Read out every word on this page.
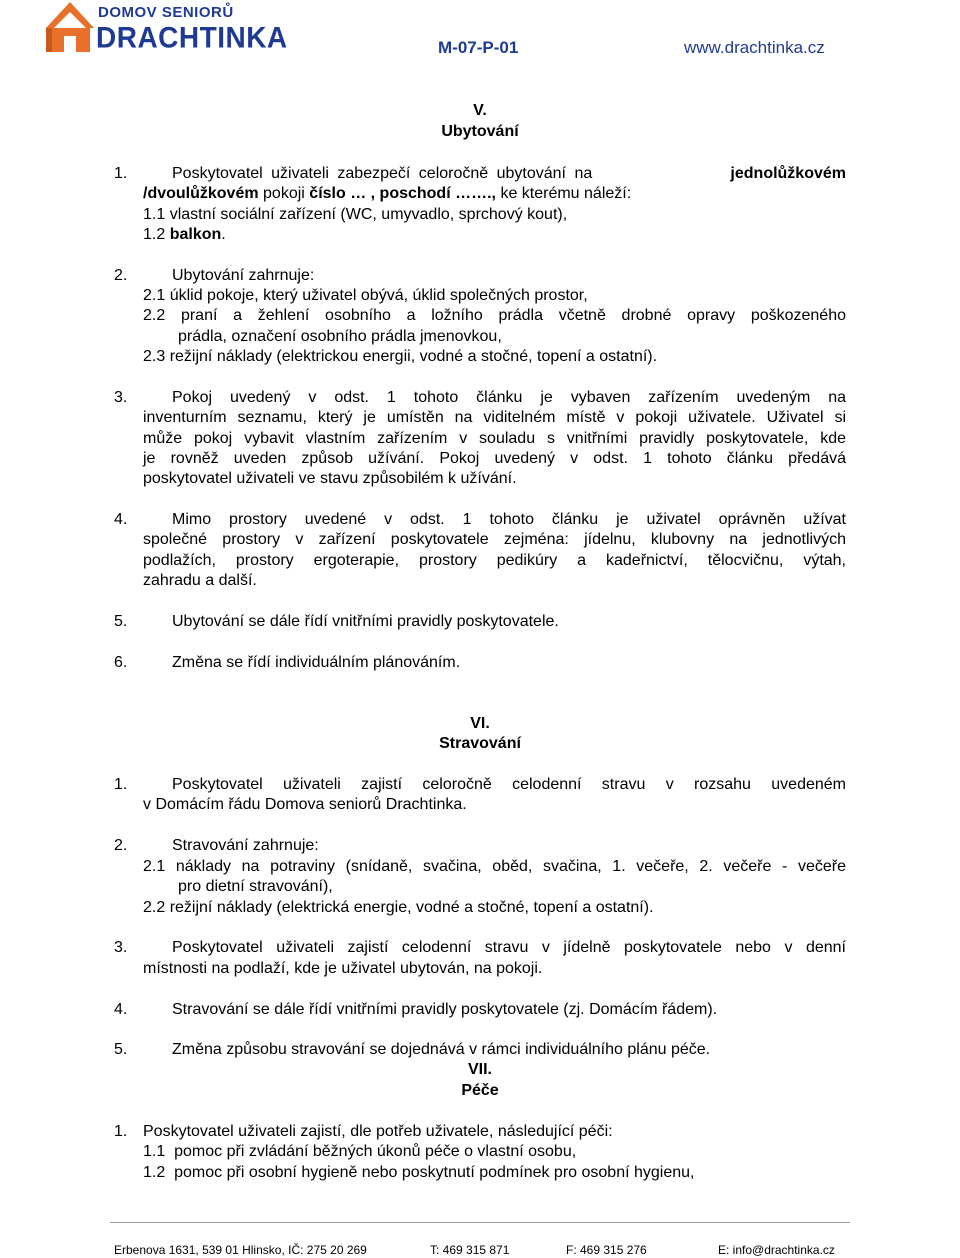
DOMOV SENIORŮ
DRACHTINKA	M-07-P-01	www.drachtinka.cz
V.
Ubytování
1.	Poskytovatel uživateli zabezpečí celoročně ubytování na	jednolůžkovém
/dvoulůžkovém pokoji číslo … , poschodí ……., ke kterému náleží:
1.1 vlastní sociální zařízení (WC, umyvadlo, sprchový kout),
1.2 balkon.
2.	Ubytování zahrnuje:
2.1 úklid pokoje, který uživatel obývá, úklid společných prostor,
2.2 praní a žehlení osobního a ložního prádla včetně drobné opravy poškozeného
prádla, označení osobního prádla jmenovkou,
2.3 režijní náklady (elektrickou energii, vodné a stočné, topení a ostatní).
3.	Pokoj uvedený v odst. 1 tohoto článku je vybaven zařízením uvedeným na
inventurním seznamu, který je umístěn na viditelném místě v pokoji uživatele. Uživatel si
může pokoj vybavit vlastním zařízením v souladu s vnitřními pravidly poskytovatele, kde
je rovněž uveden způsob užívání. Pokoj uvedený v odst. 1 tohoto článku předává
poskytovatel uživateli ve stavu způsobilém k užívání.
4.	Mimo prostory uvedené v odst. 1 tohoto článku je uživatel oprávněn užívat
společné prostory v zařízení poskytovatele zejména: jídelnu, klubovny na jednotlivých
podlažích, prostory ergoterapie, prostory pedikúry a kadeřnictví, tělocvičnu, výtah,
zahradu a další.
5.	Ubytování se dále řídí vnitřními pravidly poskytovatele.
6.	Změna se řídí individuálním plánováním.
VI.
Stravování
1.	Poskytovatel uživateli zajistí celoročně celodenní stravu v rozsahu uvedeném
v Domácím řádu Domova seniorů Drachtinka.
2.	Stravování zahrnuje:
2.1 náklady na potraviny (snídaně, svačina, oběd, svačina, 1. večeře, 2. večeře - večeře
pro dietní stravování),
2.2 režijní náklady (elektrická energie, vodné a stočné, topení a ostatní).
3.	Poskytovatel uživateli zajistí celodenní stravu v jídelně poskytovatele nebo v denní
místnosti na podlaží, kde je uživatel ubytován, na pokoji.
4.	Stravování se dále řídí vnitřními pravidly poskytovatele (zj. Domácím řádem).
5.	Změna způsobu stravování se dojednává v rámci individuálního plánu péče.
VII.
Péče
1. Poskytovatel uživateli zajistí, dle potřeb uživatele, následující péči:
1.1  pomoc při zvládání běžných úkonů péče o vlastní osobu,
1.2  pomoc při osobní hygieně nebo poskytnutí podmínek pro osobní hygienu,
Erbenova 1631, 539 01 Hlinsko, IČ: 275 20 269	T: 469 315 871	F: 469 315 276	E: info@drachtinka.cz
